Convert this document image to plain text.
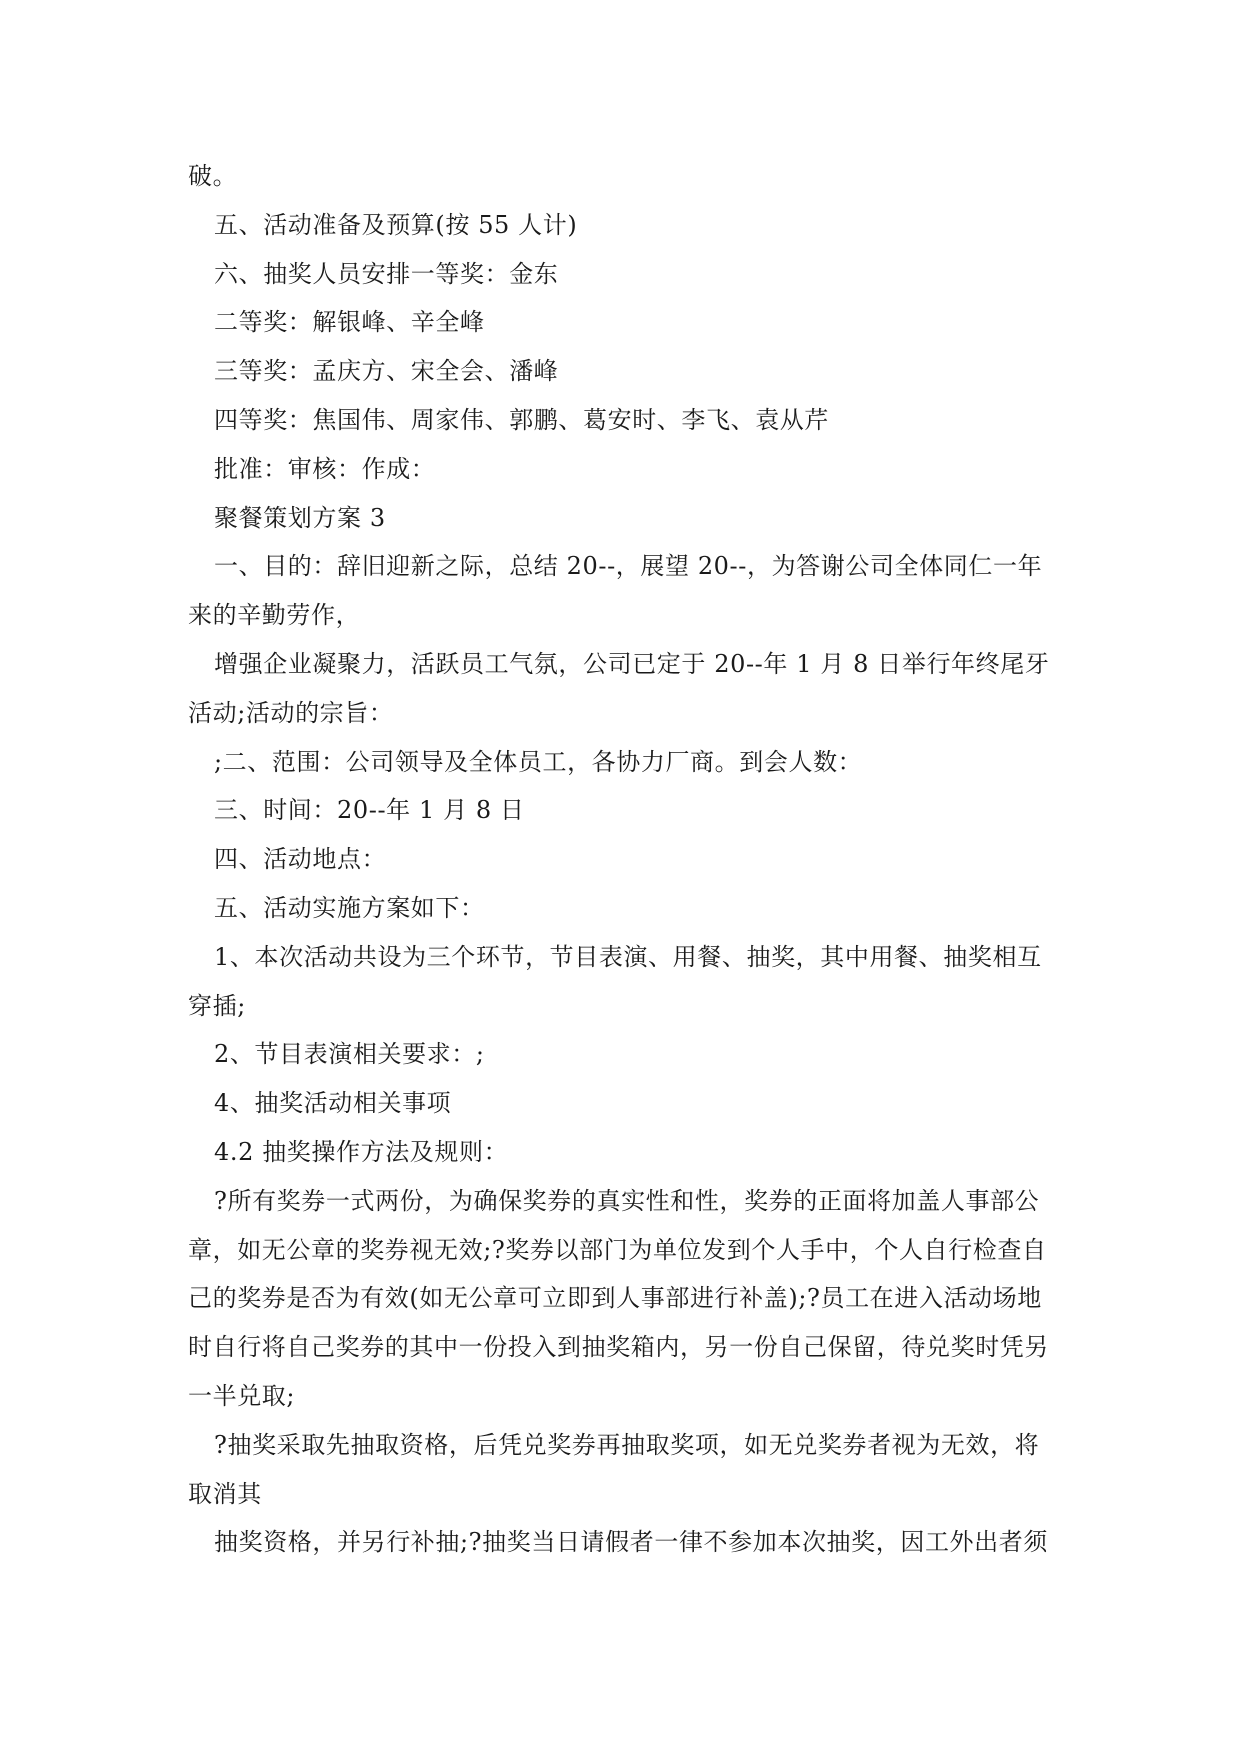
破。

五、活动准备及预算(按 55 人计)

六、抽奖人员安排一等奖：金东

二等奖：解银峰、辛全峰

三等奖：孟庆方、宋全会、潘峰

四等奖：焦国伟、周家伟、郭鹏、葛安时、李飞、袁从芹

批准：审核：作成：

聚餐策划方案 3

一、目的：辞旧迎新之际，总结 20--，展望 20--，为答谢公司全体同仁一年来的辛勤劳作，

增强企业凝聚力，活跃员工气氛，公司已定于 20--年 1 月 8 日举行年终尾牙活动;活动的宗旨：

;二、范围：公司领导及全体员工，各协力厂商。到会人数：

三、时间：20--年 1 月 8 日

四、活动地点：

五、活动实施方案如下：

1、本次活动共设为三个环节，节目表演、用餐、抽奖，其中用餐、抽奖相互穿插;

2、节目表演相关要求：;

4、抽奖活动相关事项

4.2 抽奖操作方法及规则：

?所有奖券一式两份，为确保奖券的真实性和性，奖券的正面将加盖人事部公章，如无公章的奖券视无效;?奖券以部门为单位发到个人手中，个人自行检查自己的奖券是否为有效(如无公章可立即到人事部进行补盖);?员工在进入活动场地时自行将自己奖券的其中一份投入到抽奖箱内，另一份自己保留，待兑奖时凭另一半兑取;

?抽奖采取先抽取资格，后凭兑奖券再抽取奖项，如无兑奖券者视为无效，将取消其

抽奖资格，并另行补抽;?抽奖当日请假者一律不参加本次抽奖，因工外出者须
